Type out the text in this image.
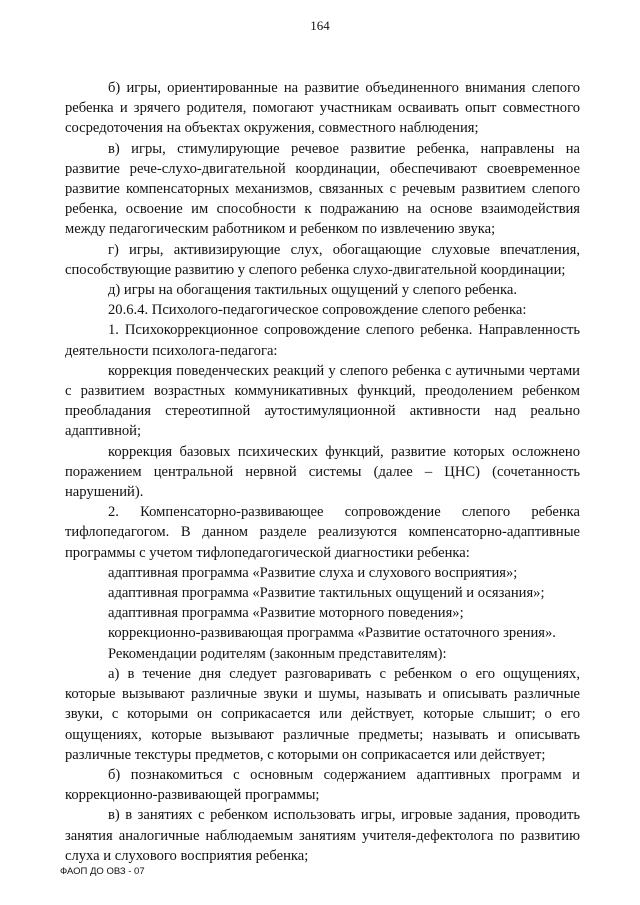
164

б) игры, ориентированные на развитие объединенного внимания слепого ребенка и зрячего родителя, помогают участникам осваивать опыт совместного сосредоточения на объектах окружения, совместного наблюдения;

в) игры, стимулирующие речевое развитие ребенка, направлены на развитие рече-слухо-двигательной координации, обеспечивают своевременное развитие компенсаторных механизмов, связанных с речевым развитием слепого ребенка, освоение им способности к подражанию на основе взаимодействия между педагогическим работником и ребенком по извлечению звука;

г) игры, активизирующие слух, обогащающие слуховые впечатления, способствующие развитию у слепого ребенка слухо-двигательной координации;

д) игры на обогащения тактильных ощущений у слепого ребенка.

20.6.4. Психолого-педагогическое сопровождение слепого ребенка:

1. Психокоррекционное сопровождение слепого ребенка. Направленность деятельности психолога-педагога:

коррекция поведенческих реакций у слепого ребенка с аутичными чертами с развитием возрастных коммуникативных функций, преодолением ребенком преобладания стереотипной аутостимуляционной активности над реально адаптивной;

коррекция базовых психических функций, развитие которых осложнено поражением центральной нервной системы (далее – ЦНС) (сочетанность нарушений).

2. Компенсаторно-развивающее сопровождение слепого ребенка тифлопедагогом. В данном разделе реализуются компенсаторно-адаптивные программы с учетом тифлопедагогической диагностики ребенка:

адаптивная программа «Развитие слуха и слухового восприятия»;

адаптивная программа «Развитие тактильных ощущений и осязания»;

адаптивная программа «Развитие моторного поведения»;

коррекционно-развивающая программа «Развитие остаточного зрения».

Рекомендации родителям (законным представителям):

а) в течение дня следует разговаривать с ребенком о его ощущениях, которые вызывают различные звуки и шумы, называть и описывать различные звуки, с которыми он соприкасается или действует, которые слышит; о его ощущениях, которые вызывают различные предметы; называть и описывать различные текстуры предметов, с которыми он соприкасается или действует;

б) познакомиться с основным содержанием адаптивных программ и коррекционно-развивающей программы;

в) в занятиях с ребенком использовать игры, игровые задания, проводить занятия аналогичные наблюдаемым занятиям учителя-дефектолога по развитию слуха и слухового восприятия ребенка;

ФАОП ДО ОВЗ - 07
